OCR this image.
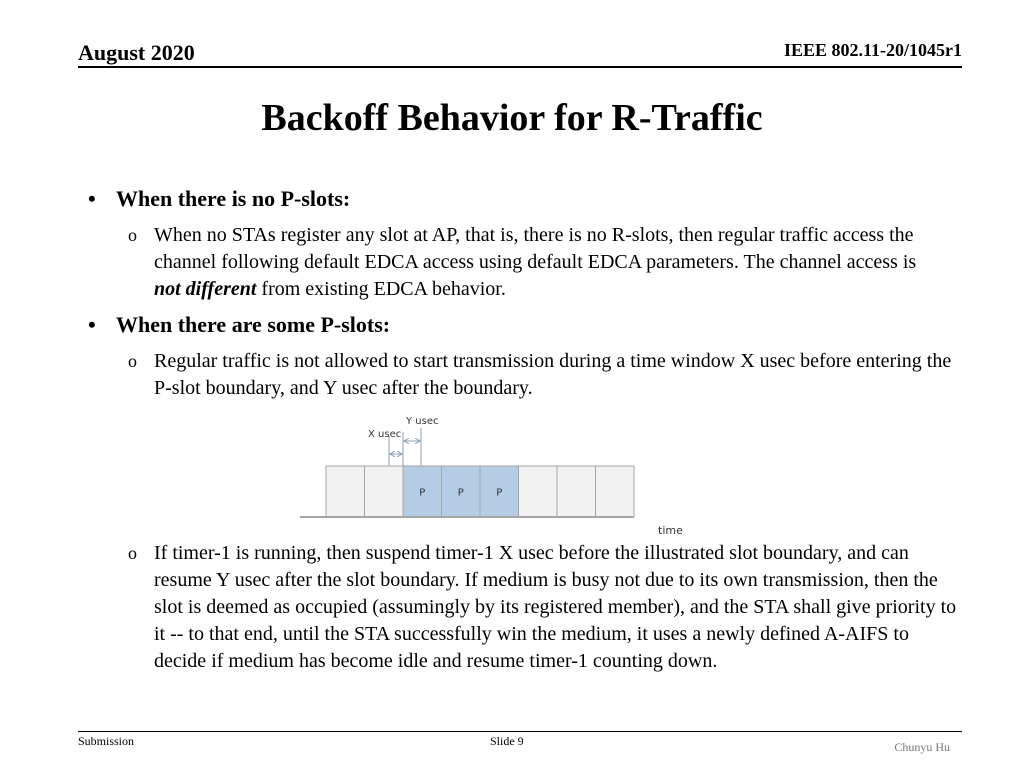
August 2020	IEEE 802.11-20/1045r1
Backoff Behavior for R-Traffic
• When there is no P-slots:
o When no STAs register any slot at AP, that is, there is no R-slots, then regular traffic access the channel following default EDCA access using default EDCA parameters. The channel access is not different from existing EDCA behavior.
• When there are some P-slots:
o Regular traffic is not allowed to start transmission during a time window X usec before entering the P-slot boundary, and Y usec after the boundary.
P	P	P
Y usec
X usec
time
o If timer-1 is running, then suspend timer-1 X usec before the illustrated slot boundary, and can resume Y usec after the slot boundary. If medium is busy not due to its own transmission, then the slot is deemed as occupied (assumingly by its registered member), and the STA shall give priority to it -- to that end, until the STA successfully win the medium, it uses a newly defined A-AIFS to decide if medium has become idle and resume timer-1 counting down.
Submission	Slide 9	Chunyu Hu
